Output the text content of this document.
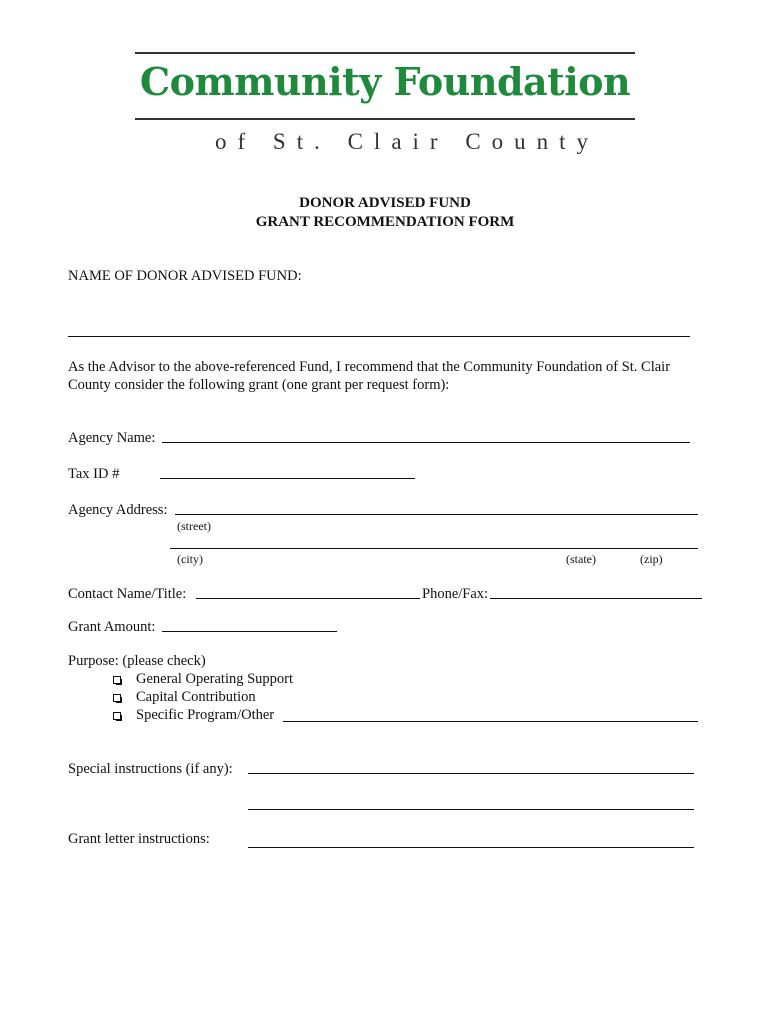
Community Foundation
of St. Clair County
DONOR ADVISED FUND
GRANT RECOMMENDATION FORM
NAME OF DONOR ADVISED FUND:
As the Advisor to the above-referenced Fund, I recommend that the Community Foundation of St. Clair
County consider the following grant (one grant per request form):
Agency Name:
Tax ID #
Agency Address:
(street)
(city)	(state)	(zip)
Contact Name/Title:	Phone/Fax:
Grant Amount:
Purpose: (please check)
General Operating Support
Capital Contribution
Specific Program/Other
Special instructions (if any):
Grant letter instructions:
